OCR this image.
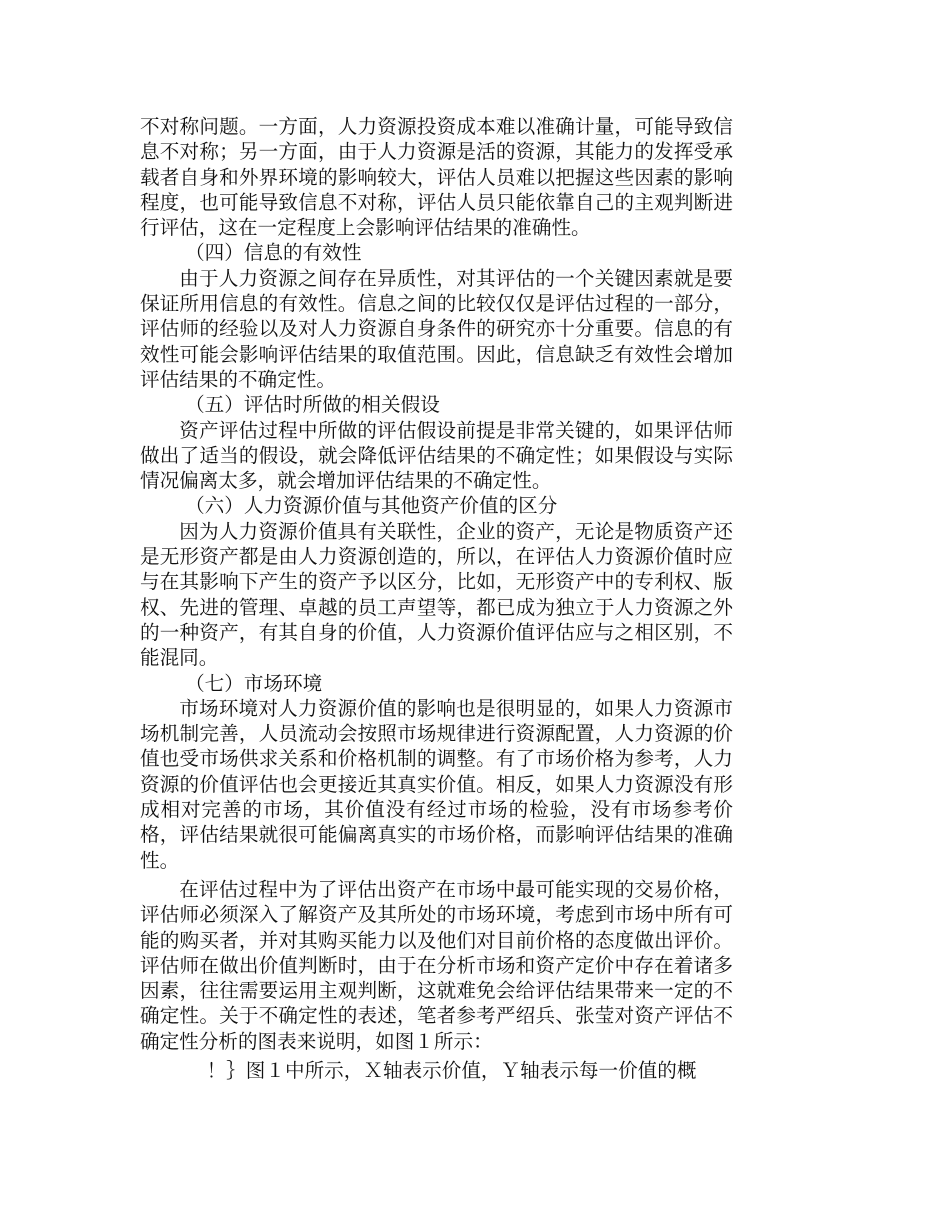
不对称问题。一方面，人力资源投资成本难以准确计量，可能导致信息不对称；另一方面，由于人力资源是活的资源，其能力的发挥受承载者自身和外界环境的影响较大，评估人员难以把握这些因素的影响程度，也可能导致信息不对称，评估人员只能依靠自己的主观判断进行评估，这在一定程度上会影响评估结果的准确性。

（四）信息的有效性

由于人力资源之间存在异质性，对其评估的一个关键因素就是要保证所用信息的有效性。信息之间的比较仅仅是评估过程的一部分，评估师的经验以及对人力资源自身条件的研究亦十分重要。信息的有效性可能会影响评估结果的取值范围。因此，信息缺乏有效性会增加评估结果的不确定性。

（五）评估时所做的相关假设

资产评估过程中所做的评估假设前提是非常关键的，如果评估师做出了适当的假设，就会降低评估结果的不确定性；如果假设与实际情况偏离太多，就会增加评估结果的不确定性。

（六）人力资源价值与其他资产价值的区分

因为人力资源价值具有关联性，企业的资产，无论是物质资产还是无形资产都是由人力资源创造的，所以，在评估人力资源价值时应与在其影响下产生的资产予以区分，比如，无形资产中的专利权、版权、先进的管理、卓越的员工声望等，都已成为独立于人力资源之外的一种资产，有其自身的价值，人力资源价值评估应与之相区别，不能混同。

（七）市场环境

市场环境对人力资源价值的影响也是很明显的，如果人力资源市场机制完善，人员流动会按照市场规律进行资源配置，人力资源的价值也受市场供求关系和价格机制的调整。有了市场价格为参考，人力资源的价值评估也会更接近其真实价值。相反，如果人力资源没有形成相对完善的市场，其价值没有经过市场的检验，没有市场参考价格，评估结果就很可能偏离真实的市场价格，而影响评估结果的准确性。

在评估过程中为了评估出资产在市场中最可能实现的交易价格，评估师必须深入了解资产及其所处的市场环境，考虑到市场中所有可能的购买者，并对其购买能力以及他们对目前价格的态度做出评价。评估师在做出价值判断时，由于在分析市场和资产定价中存在着诸多因素，往往需要运用主观判断，这就难免会给评估结果带来一定的不确定性。关于不确定性的表述，笔者参考严绍兵、张莹对资产评估不确定性分析的图表来说明，如图１所示：

！｝图１中所示，Ｘ轴表示价值，Ｙ轴表示每一价值的概
